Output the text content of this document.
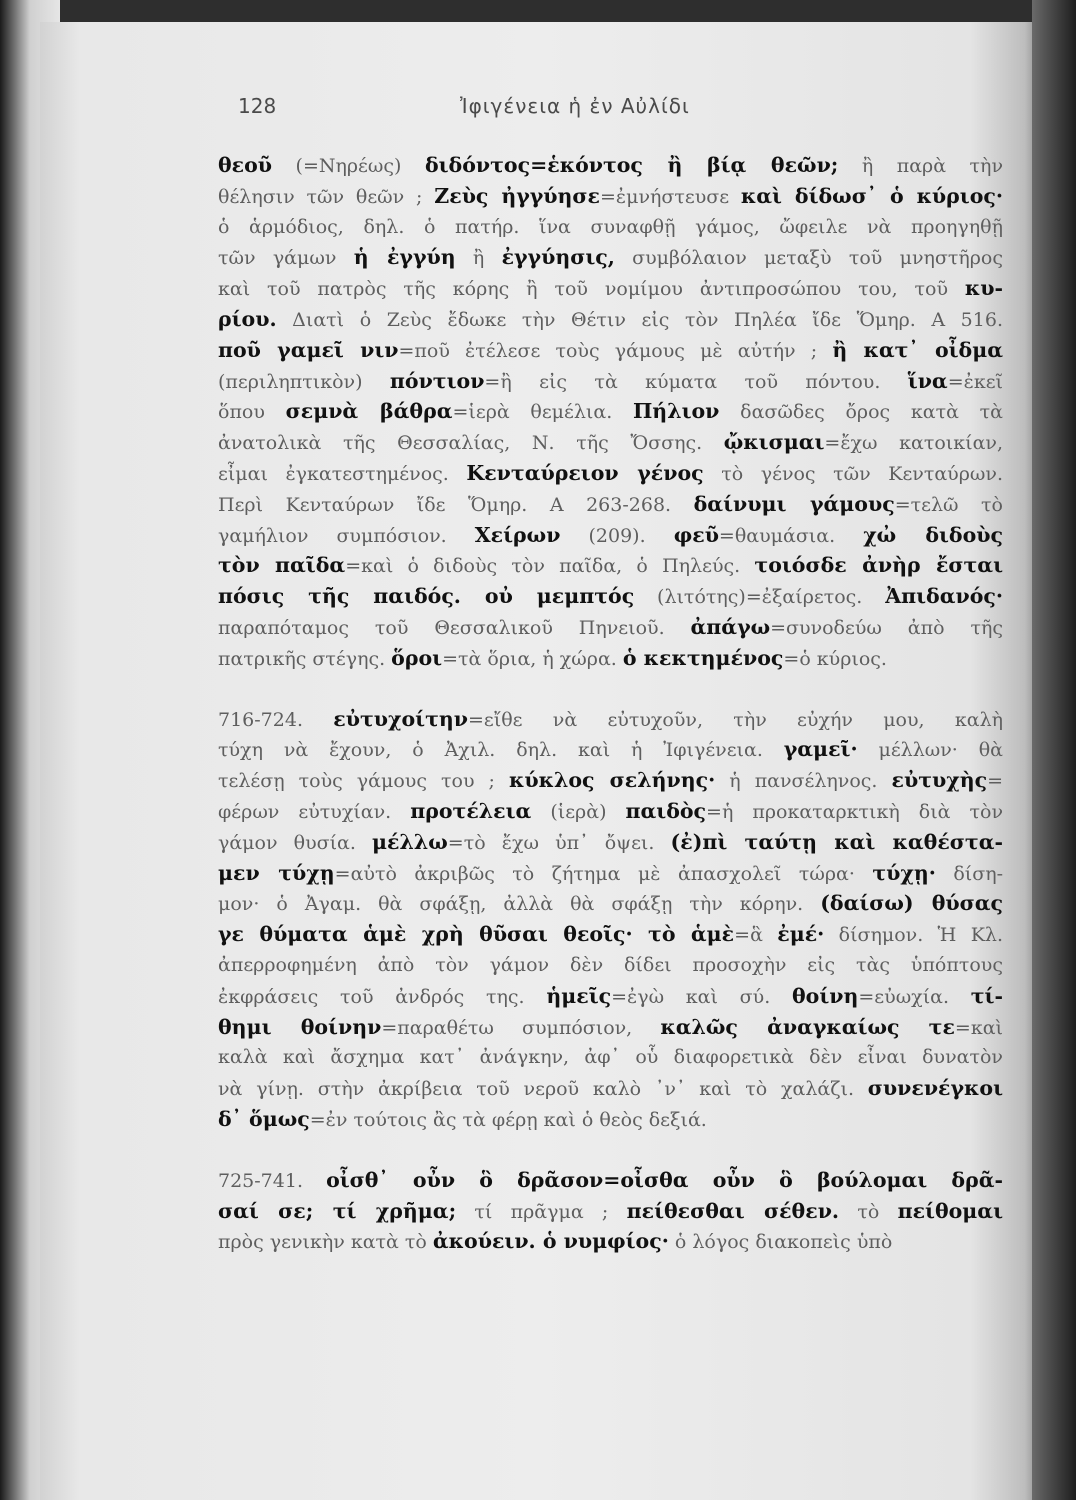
128	Ἰφιγένεια ἡ ἐν Αὐλίδι
θεοῦ (=Νηρέως) διδόντος=ἑκόντος ἢ βίᾳ θεῶν; ἢ παρὰ τὴν
θέλησιν τῶν θεῶν ; Ζεὺς ἠγγύησε=ἐμνήστευσε καὶ δίδωσ᾽ ὁ κύριος·
ὁ ἁρμόδιος, δηλ. ὁ πατήρ. ἵνα συναφθῇ γάμος, ὤφειλε νὰ προηγηθῇ
τῶν γάμων ἡ ἐγγύη ἢ ἐγγύησις, συμβόλαιον μεταξὺ τοῦ μνηστῆρος
καὶ τοῦ πατρὸς τῆς κόρης ἢ τοῦ νομίμου ἀντιπροσώπου του, τοῦ κυ-
ρίου. Διατὶ ὁ Ζεὺς ἔδωκε τὴν Θέτιν εἰς τὸν Πηλέα ἴδε Ὅμηρ. Α 516.
ποῦ γαμεῖ νιν=ποῦ ἐτέλεσε τοὺς γάμους μὲ αὐτήν ; ἢ κατ᾽ οἶδμα
(περιληπτικὸν) πόντιον=ἢ εἰς τὰ κύματα τοῦ πόντου. ἵνα=ἐκεῖ
ὅπου σεμνὰ βάθρα=ἱερὰ θεμέλια. Πήλιον δασῶδες ὄρος κατὰ τὰ
ἀνατολικὰ τῆς Θεσσαλίας, Ν. τῆς Ὄσσης. ᾤκισμαι=ἔχω κατοικίαν,
εἶμαι ἐγκατεστημένος. Κενταύρειον γένος τὸ γένος τῶν Κενταύρων.
Περὶ Κενταύρων ἴδε Ὅμηρ. Α 263-268. δαίνυμι γάμους=τελῶ τὸ
γαμήλιον συμπόσιον. Χείρων (209). φεῦ=θαυμάσια. χὠ διδοὺς
τὸν παῖδα=καὶ ὁ διδοὺς τὸν παῖδα, ὁ Πηλεύς. τοιόσδε ἀνὴρ ἔσται
πόσις τῆς παιδός. οὐ μεμπτός (λιτότης)=ἐξαίρετος. Ἀπιδανός·
παραπόταμος τοῦ Θεσσαλικοῦ Πηνειοῦ. ἀπάγω=συνοδεύω ἀπὸ τῆς
πατρικῆς στέγης. ὅροι=τὰ ὅρια, ἡ χώρα. ὁ κεκτημένος=ὁ κύριος.
716-724. εὐτυχοίτην=εἴθε νὰ εὐτυχοῦν, τὴν εὐχήν μου, καλὴ
τύχη νὰ ἔχουν, ὁ Ἀχιλ. δηλ. καὶ ἡ Ἰφιγένεια. γαμεῖ· μέλλων· θὰ
τελέσῃ τοὺς γάμους του ; κύκλος σελήνης· ἡ πανσέληνος. εὐτυχὴς=
φέρων εὐτυχίαν. προτέλεια (ἱερὰ) παιδὸς=ἡ προκαταρκτικὴ διὰ τὸν
γάμον θυσία. μέλλω=τὸ ἔχω ὑπ᾽ ὄψει. (ἐ)πὶ ταύτῃ καὶ καθέστα-
μεν τύχῃ=αὐτὸ ἀκριβῶς τὸ ζήτημα μὲ ἀπασχολεῖ τώρα· τύχῃ· δίση-
μον· ὁ Ἀγαμ. θὰ σφάξῃ, ἀλλὰ θὰ σφάξῃ τὴν κόρην. (δαίσω) θύσας
γε θύματα ἁμὲ χρὴ θῦσαι θεοῖς· τὸ ἁμὲ=ἃ ἐμέ· δίσημον. Ἡ Κλ.
ἀπερροφημένη ἀπὸ τὸν γάμον δὲν δίδει προσοχὴν εἰς τὰς ὑπόπτους
ἐκφράσεις τοῦ ἀνδρός της. ἡμεῖς=ἐγὼ καὶ σύ. θοίνη=εὐωχία. τί-
θημι θοίνην=παραθέτω συμπόσιον, καλῶς ἀναγκαίως τε=καὶ
καλὰ καὶ ἄσχημα κατ᾽ ἀνάγκην, ἀφ᾽ οὗ διαφορετικὰ δὲν εἶναι δυνατὸν
νὰ γίνῃ. στὴν ἀκρίβεια τοῦ νεροῦ καλὸ ᾽ν᾽ καὶ τὸ χαλάζι. συνενέγκοι
δ᾽ ὅμως=ἐν τούτοις ἂς τὰ φέρῃ καὶ ὁ θεὸς δεξιά.
725-741. οἶσθ᾽ οὖν ὃ δρᾶσον=οἶσθα οὖν ὃ βούλομαι δρᾶ-
σαί σε; τί χρῆμα; τί πρᾶγμα ; πείθεσθαι σέθεν. τὸ πείθομαι
πρὸς γενικὴν κατὰ τὸ ἀκούειν. ὁ νυμφίος· ὁ λόγος διακοπεὶς ὑπὸ
